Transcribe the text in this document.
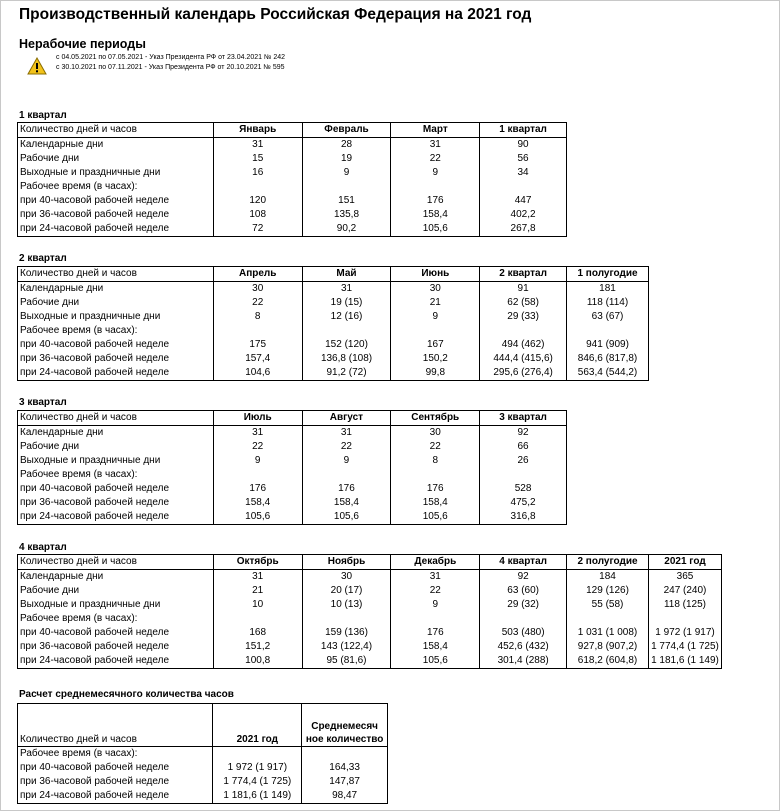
Производственный календарь Российская Федерация на 2021 год
Нерабочие периоды
с 04.05.2021 по 07.05.2021 - Указ Президента РФ от 23.04.2021 № 242
с 30.10.2021 по 07.11.2021 - Указ Президента РФ от 20.10.2021 № 595
1 квартал
Количество дней и часов	Январь	Февраль	Март	1 квартал
Календарные дни	31	28	31	90
Рабочие дни	15	19	22	56
Выходные и праздничные дни	16	9	9	34
Рабочее время (в часах):				
при 40-часовой рабочей неделе	120	151	176	447
при 36-часовой рабочей неделе	108	135,8	158,4	402,2
при 24-часовой рабочей неделе	72	90,2	105,6	267,8
2 квартал
Количество дней и часов	Апрель	Май	Июнь	2 квартал	1 полугодие
Календарные дни	30	31	30	91	181
Рабочие дни	22	19 (15)	21	62 (58)	118 (114)
Выходные и праздничные дни	8	12 (16)	9	29 (33)	63 (67)
Рабочее время (в часах):					
при 40-часовой рабочей неделе	175	152 (120)	167	494 (462)	941 (909)
при 36-часовой рабочей неделе	157,4	136,8 (108)	150,2	444,4 (415,6)	846,6 (817,8)
при 24-часовой рабочей неделе	104,6	91,2 (72)	99,8	295,6 (276,4)	563,4 (544,2)
3 квартал
Количество дней и часов	Июль	Август	Сентябрь	3 квартал
Календарные дни	31	31	30	92
Рабочие дни	22	22	22	66
Выходные и праздничные дни	9	9	8	26
Рабочее время (в часах):				
при 40-часовой рабочей неделе	176	176	176	528
при 36-часовой рабочей неделе	158,4	158,4	158,4	475,2
при 24-часовой рабочей неделе	105,6	105,6	105,6	316,8
4 квартал
Количество дней и часов	Октябрь	Ноябрь	Декабрь	4 квартал	2 полугодие	2021 год
Календарные дни	31	30	31	92	184	365
Рабочие дни	21	20 (17)	22	63 (60)	129 (126)	247 (240)
Выходные и праздничные дни	10	10 (13)	9	29 (32)	55 (58)	118 (125)
Рабочее время (в часах):						
при 40-часовой рабочей неделе	168	159 (136)	176	503 (480)	1 031 (1 008)	1 972 (1 917)
при 36-часовой рабочей неделе	151,2	143 (122,4)	158,4	452,6 (432)	927,8 (907,2)	1 774,4 (1 725)
при 24-часовой рабочей неделе	100,8	95 (81,6)	105,6	301,4 (288)	618,2 (604,8)	1 181,6 (1 149)
Расчет среднемесячного количества часов
Количество дней и часов	2021 год	Среднемесяч ное количество
Рабочее время (в часах):		
при 40-часовой рабочей неделе	1 972 (1 917)	164,33
при 36-часовой рабочей неделе	1 774,4 (1 725)	147,87
при 24-часовой рабочей неделе	1 181,6 (1 149)	98,47
